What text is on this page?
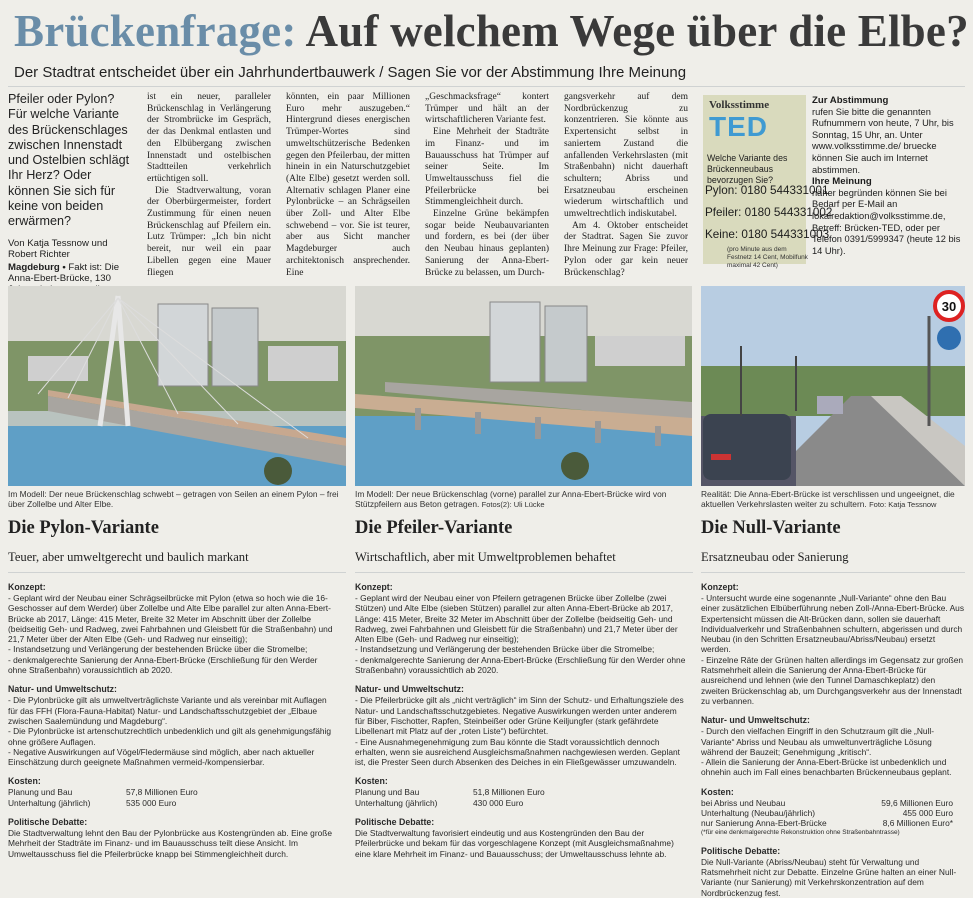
Brückenfrage: Auf welchem Wege über die Elbe?
Der Stadtrat entscheidet über ein Jahrhundertbauwerk / Sagen Sie vor der Abstimmung Ihre Meinung
Pfeiler oder Pylon? Für welche Variante des Brückenschlages zwischen Innenstadt und Ostelbien schlägt Ihr Herz? Oder können Sie sich für keine von beiden erwärmen?
Von Katja Tessnow und Robert Richter
Magdeburg • Fakt ist: Die Anna-Ebert-Brücke, 130

ist ein neuer, paralleler Brückenschlag in Verlängerung der Strombrücke im Gespräch, der das Denkmal entlasten und den Elbübergang zwischen Innenstadt und ostelbischen Stadtteilen verkehrlich ertüchtigen soll.

Die Stadtverwaltung, voran der Oberbürgermeister, fordert Zustimmung für einen neuen Brückenschlag auf Pfeilern ein. Lutz Trümper: „Ich bin nicht bereit, nur weil ein paar Libellen gegen eine Mauer fliegen

könnten, ein paar Millionen Euro mehr auszugeben.“ Hintergrund dieses energischen Trümper-Wortes sind umweltschützerische Bedenken gegen den Pfeilerbau, der mitten hinein in ein Naturschutzgebiet (Alte Elbe) gesetzt werden soll. Alternativ schlagen Planer eine Pylonbrücke – an Schrägseilen über Zoll- und Alter Elbe schwebend – vor. Sie ist teurer, aber aus Sicht mancher Magdeburger auch architektonisch ansprechender. Eine

„Geschmacksfrage“ kontert Trümper und hält an der wirtschaftlicheren Variante fest.

Eine Mehrheit der Stadträte im Finanz- und im Bauausschuss hat Trümper auf seiner Seite. Im Umweltausschuss fiel die Pfeilerbrücke bei Stimmengleichheit durch.

Einzelne Grüne bekämpfen sogar beide Neubauvarianten und fordern, es bei (der über den Neubau hinaus geplanten) Sanierung der Anna-Ebert-Brücke zu belassen, um Durch-

gangsverkehr auf dem Nordbrückenzug zu konzentrieren. Sie könnte aus Expertensicht selbst in saniertem Zustand die anfallenden Verkehrslasten (mit Straßenbahn) nicht dauerhaft schultern; Abriss und Ersatzneubau erscheinen wiederum wirtschaftlich und umweltrechtlich indiskutabel.

Am 4. Oktober entscheidet der Stadtrat. Sagen Sie zuvor Ihre Meinung zur Frage: Pfeiler, Pylon oder gar kein neuer Brückenschlag?

Volksstimme
TED
Welche Variante des Brückenneubaus bevorzugen Sie?
Pylon: 0180 544331001
Pfeiler: 0180 544331002
Keine: 0180 544331003
(pro Minute aus dem Festnetz 14 Cent, Mobilfunk maximal 42 Cent)
Zur Abstimmung
rufen Sie bitte die genannten Rufnummern von heute, 7 Uhr, bis Sonntag, 15 Uhr, an. Unter www.volksstimme.de/ bruecke können Sie auch im Internet abstimmen.
Ihre Meinung
näher begründen können Sie bei Bedarf per E-Mail an lokalredaktion@volksstimme.de, Betreff: Brücken-TED, oder per Telefon 0391/5999347 (heute 12 bis 14 Uhr).
Im Modell: Der neue Brückenschlag schwebt – getragen von Seilen an einem Pylon – frei über Zollelbe und Alter Elbe.
Im Modell: Der neue Brückenschlag (vorne) parallel zur Anna-Ebert-Brücke wird von Stützpfeilern aus Beton getragen. Fotos(2): Uli Lücke
30
Realität: Die Anna-Ebert-Brücke ist verschlissen und ungeeignet, die aktuellen Verkehrslasten weiter zu schultern. Foto: Katja Tessnow
Die Pylon-Variante
Teuer, aber umweltgerecht und baulich markant
Konzept:
- Geplant wird der Neubau einer Schrägseilbrücke mit Pylon (etwa so hoch wie die 16-Geschosser auf dem Werder) über Zollelbe und Alte Elbe parallel zur alten Anna-Ebert-Brücke ab 2017, Länge: 415 Meter, Breite 32 Meter im Abschnitt über der Zollelbe (beidseitig Geh- und Radweg, zwei Fahrbahnen und Gleisbett für die Straßenbahn) und 21,7 Meter über der Alten Elbe (Geh- und Radweg nur einseitig);
- Instandsetzung und Verlängerung der bestehenden Brücke über die Stromelbe;
- denkmalgerechte Sanierung der Anna-Ebert-Brücke (Erschließung für den Werder ohne Straßenbahn) voraussichtlich ab 2020.
Natur- und Umweltschutz:
- Die Pylonbrücke gilt als umweltverträglichste Variante und als vereinbar mit Auflagen für das FFH (Flora-Fauna-Habitat) Natur- und Landschaftsschutzgebiet der „Elbaue zwischen Saalemündung und Magdeburg“.
- Die Pylonbrücke ist artenschutzrechtlich unbedenklich und gilt als genehmigungsfähig ohne größere Auflagen.
- Negative Auswirkungen auf Vögel/Fledermäuse sind möglich, aber nach aktueller Einschätzung durch geeignete Maßnahmen vermeid-/kompensierbar.
Kosten:
Planung und Bau	57,8 Millionen Euro
Unterhaltung (jährlich)	535 000 Euro
Politische Debatte:
Die Stadtverwaltung lehnt den Bau der Pylonbrücke aus Kostengründen ab. Eine große Mehrheit der Stadträte im Finanz- und im Bauausschuss teilt diese Ansicht. Im Umweltausschuss fiel die Pfeilerbrücke knapp bei Stimmengleichheit durch.
Die Pfeiler-Variante
Wirtschaftlich, aber mit Umweltproblemen behaftet
Konzept:
- Geplant wird der Neubau einer von Pfeilern getragenen Brücke über Zollelbe (zwei Stützen) und Alte Elbe (sieben Stützen) parallel zur alten Anna-Ebert-Brücke ab 2017, Länge: 415 Meter, Breite 32 Meter im Abschnitt über der Zollelbe (beidseitig Geh- und Radweg, zwei Fahrbahnen und Gleisbett für die Straßenbahn) und 21,7 Meter über der Alten Elbe (Geh- und Radweg nur einseitig);
- Instandsetzung und Verlängerung der bestehenden Brücke über die Stromelbe;
- denkmalgerechte Sanierung der Anna-Ebert-Brücke (Erschließung für den Werder ohne Straßenbahn) voraussichtlich ab 2020.
Natur- und Umweltschutz:
- Die Pfeilerbrücke gilt als „nicht verträglich“ im Sinn der Schutz- und Erhaltungsziele des Natur- und Landschaftsschutzgebietes. Negative Auswirkungen werden unter anderem für Biber, Fischotter, Rapfen, Steinbeißer oder Grüne Keiljungfer (stark gefährdete Libellenart mit Platz auf der „roten Liste“) befürchtet.
- Eine Ausnahmegenehmigung zum Bau könnte die Stadt voraussichtlich dennoch erhalten, wenn sie ausreichend Ausgleichsmaßnahmen nachgewiesen werden. Geplant ist, die Prester Seen durch Absenken des Deiches in ein Fließgewässer umzuwandeln.
Kosten:
Planung und Bau	51,8 Millionen Euro
Unterhaltung (jährlich)	430 000 Euro
Politische Debatte:
Die Stadtverwaltung favorisiert eindeutig und aus Kostengründen den Bau der Pfeilerbrücke und bekam für das vorgeschlagene Konzept (mit Ausgleichsmaßnahme) eine klare Mehrheit im Finanz- und Bauausschuss; der Umweltausschuss lehnte ab.
Die Null-Variante
Ersatzneubau oder Sanierung
Konzept:
- Untersucht wurde eine sogenannte „Null-Variante“ ohne den Bau einer zusätzlichen Elbüberführung neben Zoll-/Anna-Ebert-Brücke. Aus Expertensicht müssen die Alt-Brücken dann, sollen sie dauerhaft Individualverkehr und Straßenbahnen schultern, abgerissen und durch Neubau (in den Schritten Ersatzneubau/Abriss/Neubau) ersetzt werden.
- Einzelne Räte der Grünen halten allerdings im Gegensatz zur großen Ratsmehrheit allein die Sanierung der Anna-Ebert-Brücke für ausreichend und lehnen (wie den Tunnel Damaschkeplatz) den zweiten Brückenschlag ab, um Durchgangsverkehr aus der Innenstadt zu verbannen.
Natur- und Umweltschutz:
- Durch den vielfachen Eingriff in den Schutzraum gilt die „Null-Variante“ Abriss und Neubau als umweltunverträgliche Lösung während der Bauzeit; Genehmigung „kritisch“.
- Allein die Sanierung der Anna-Ebert-Brücke ist unbedenklich und ohnehin auch im Fall eines benachbarten Brückenneubaus geplant.
Kosten:
bei Abriss und Neubau	59,6 Millionen Euro
Unterhaltung (Neubau/jährlich)	455 000 Euro
nur Sanierung Anna-Ebert-Brücke	8,6 Millionen Euro*
(*für eine denkmalgerechte Rekonstruktion ohne Straßenbahntrasse)
Politische Debatte:
Die Null-Variante (Abriss/Neubau) steht für Verwaltung und Ratsmehrheit nicht zur Debatte. Einzelne Grüne halten an einer Null-Variante (nur Sanierung) mit Verkehrskonzentration auf dem Nordbrückenzug fest.
